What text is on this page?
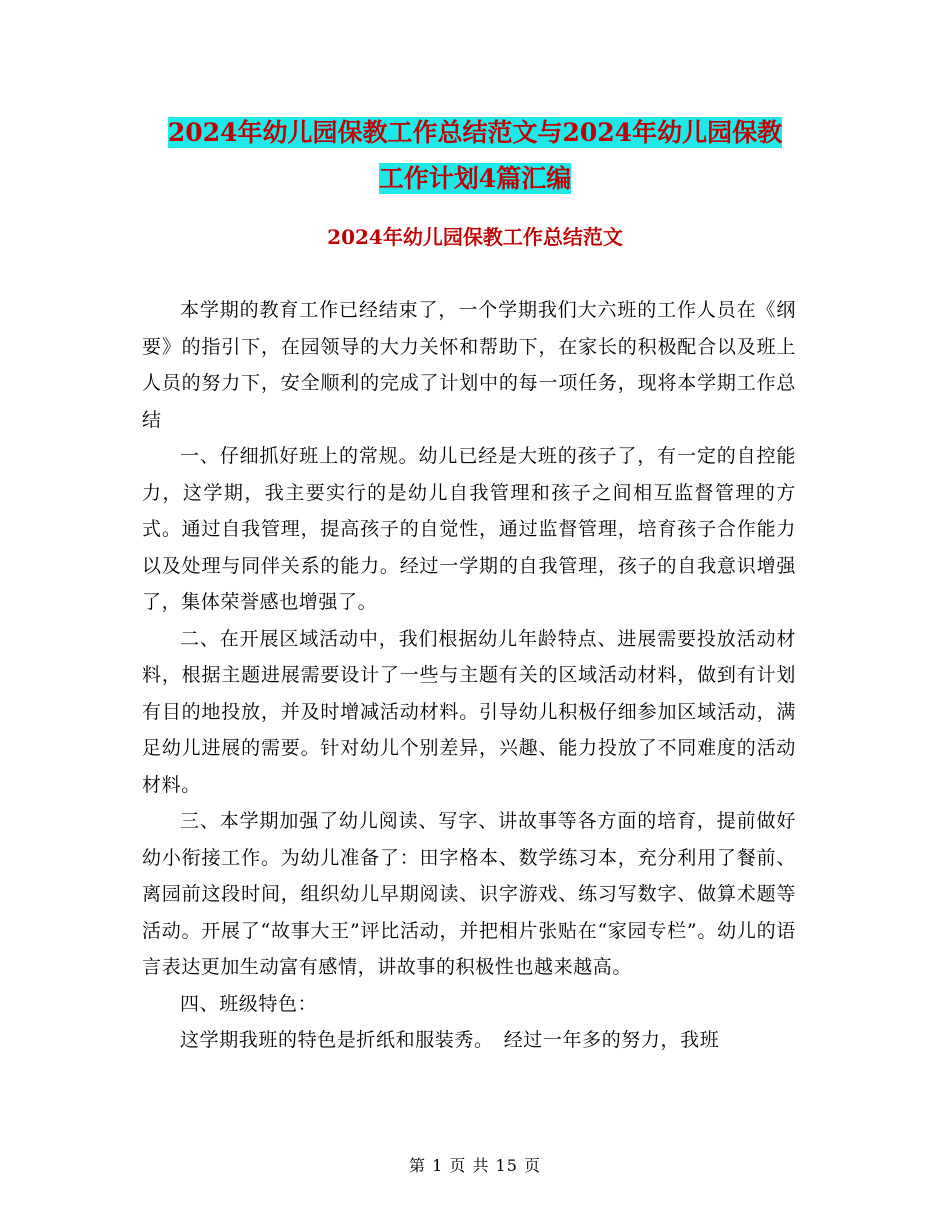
2024年幼儿园保教工作总结范文与2024年幼儿园保教
工作计划4篇汇编
2024年幼儿园保教工作总结范文

本学期的教育工作已经结束了，一个学期我们大六班的工作人员在《纲要》的指引下，在园领导的大力关怀和帮助下，在家长的积极配合以及班上人员的努力下，安全顺利的完成了计划中的每一项任务，现将本学期工作总结

一、仔细抓好班上的常规。幼儿已经是大班的孩子了，有一定的自控能力，这学期，我主要实行的是幼儿自我管理和孩子之间相互监督管理的方式。通过自我管理，提高孩子的自觉性，通过监督管理，培育孩子合作能力以及处理与同伴关系的能力。经过一学期的自我管理，孩子的自我意识增强了，集体荣誉感也增强了。

二、在开展区域活动中，我们根据幼儿年龄特点、进展需要投放活动材料，根据主题进展需要设计了一些与主题有关的区域活动材料，做到有计划有目的地投放，并及时增减活动材料。引导幼儿积极仔细参加区域活动，满足幼儿进展的需要。针对幼儿个别差异，兴趣、能力投放了不同难度的活动材料。

三、本学期加强了幼儿阅读、写字、讲故事等各方面的培育，提前做好幼小衔接工作。为幼儿准备了：田字格本、数学练习本，充分利用了餐前、离园前这段时间，组织幼儿早期阅读、识字游戏、练习写数字、做算术题等活动。开展了“故事大王”评比活动，并把相片张贴在“家园专栏”。幼儿的语言表达更加生动富有感情，讲故事的积极性也越来越高。

四、班级特色：

这学期我班的特色是折纸和服装秀。　经过一年多的努力，我班

第 1 页 共 15 页
